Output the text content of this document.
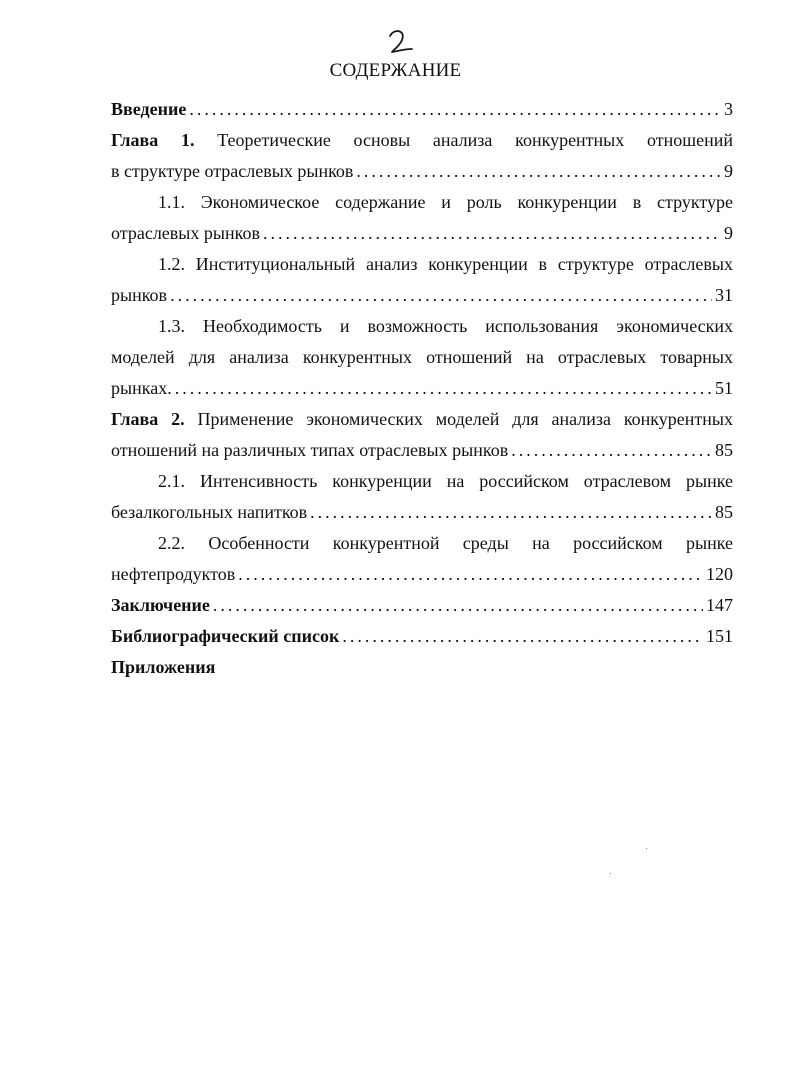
СОДЕРЖАНИЕ
Введение .....	3
Глава 1. Теоретические основы анализа конкурентных отношений
в структуре отраслевых рынков .....	9
1.1. Экономическое содержание и роль конкуренции в структуре
отраслевых рынков .....	9
1.2. Институциональный анализ конкуренции в структуре отраслевых
рынков .....	31
1.3. Необходимость и возможность использования экономических
моделей для анализа конкурентных отношений на отраслевых товарных
рынках. .....	51
Глава 2. Применение экономических моделей для анализа конкурентных
отношений на различных типах отраслевых рынков .....	85
2.1. Интенсивность конкуренции на российском отраслевом рынке
безалкогольных напитков .....	85
2.2. Особенности конкурентной среды на российском рынке
нефтепродуктов .....	120
Заключение .....	147
Библиографический список .....	151
Приложения
